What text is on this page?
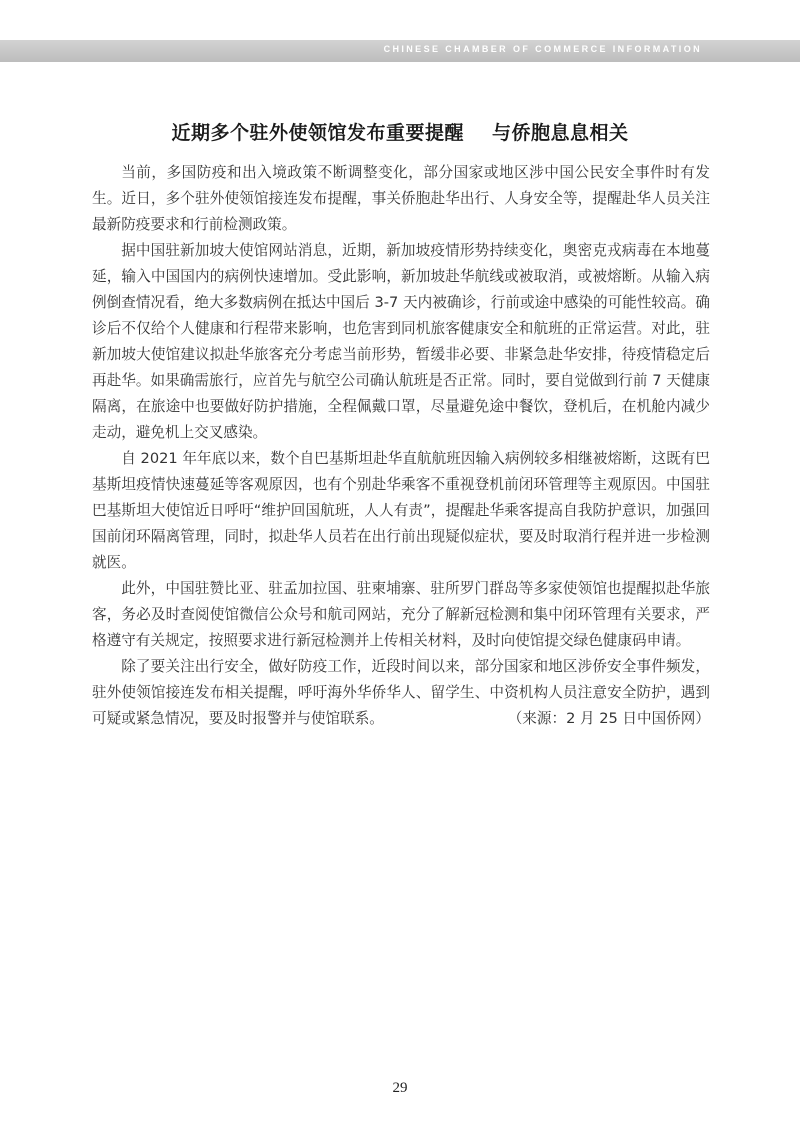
CHINESE CHAMBER OF COMMERCE INFORMATION
近期多个驻外使领馆发布重要提醒 与侨胞息息相关

当前，多国防疫和出入境政策不断调整变化，部分国家或地区涉中国公民安全事件时有发生。近日，多个驻外使领馆接连发布提醒，事关侨胞赴华出行、人身安全等，提醒赴华人员关注最新防疫要求和行前检测政策。

据中国驻新加坡大使馆网站消息，近期，新加坡疫情形势持续变化，奥密克戎病毒在本地蔓延，输入中国国内的病例快速增加。受此影响，新加坡赴华航线或被取消，或被熔断。从输入病例倒查情况看，绝大多数病例在抵达中国后 3-7 天内被确诊，行前或途中感染的可能性较高。确诊后不仅给个人健康和行程带来影响，也危害到同机旅客健康安全和航班的正常运营。对此，驻新加坡大使馆建议拟赴华旅客充分考虑当前形势，暂缓非必要、非紧急赴华安排，待疫情稳定后再赴华。如果确需旅行，应首先与航空公司确认航班是否正常。同时，要自觉做到行前 7 天健康隔离，在旅途中也要做好防护措施，全程佩戴口罩，尽量避免途中餐饮，登机后，在机舱内减少走动，避免机上交叉感染。

自 2021 年年底以来，数个自巴基斯坦赴华直航航班因输入病例较多相继被熔断，这既有巴基斯坦疫情快速蔓延等客观原因，也有个别赴华乘客不重视登机前闭环管理等主观原因。中国驻巴基斯坦大使馆近日呼吁“维护回国航班，人人有责”，提醒赴华乘客提高自我防护意识，加强回国前闭环隔离管理，同时，拟赴华人员若在出行前出现疑似症状，要及时取消行程并进一步检测就医。

此外，中国驻赞比亚、驻孟加拉国、驻柬埔寨、驻所罗门群岛等多家使领馆也提醒拟赴华旅客，务必及时查阅使馆微信公众号和航司网站，充分了解新冠检测和集中闭环管理有关要求，严格遵守有关规定，按照要求进行新冠检测并上传相关材料，及时向使馆提交绿色健康码申请。

除了要关注出行安全，做好防疫工作，近段时间以来，部分国家和地区涉侨安全事件频发，驻外使领馆接连发布相关提醒，呼吁海外华侨华人、留学生、中资机构人员注意安全防护，遇到可疑或紧急情况，要及时报警并与使馆联系。	（来源：2 月 25 日中国侨网）

29
